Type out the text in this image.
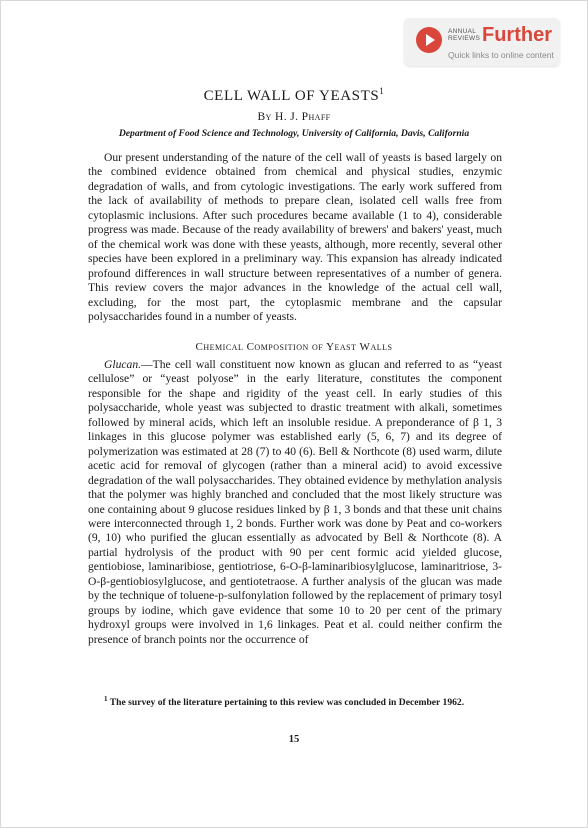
ANNUAL REVIEWS Further
Quick links to online content
CELL WALL OF YEASTS$^1$
By H. J. Phaff
Department of Food Science and Technology, University of California, Davis, California

Our present understanding of the nature of the cell wall of yeasts is based largely on the combined evidence obtained from chemical and physical studies, enzymic degradation of walls, and from cytologic investigations. The early work suffered from the lack of availability of methods to prepare clean, isolated cell walls free from cytoplasmic inclusions. After such procedures became available (1 to 4), considerable progress was made. Because of the ready availability of brewers' and bakers' yeast, much of the chemical work was done with these yeasts, although, more recently, several other species have been explored in a preliminary way. This expansion has already indicated profound differences in wall structure between representatives of a number of genera. This review covers the major advances in the knowledge of the actual cell wall, excluding, for the most part, the cytoplasmic membrane and the capsular polysaccharides found in a number of yeasts.

Chemical Composition of Yeast Walls

Glucan.—The cell wall constituent now known as glucan and referred to as “yeast cellulose” or “yeast polyose” in the early literature, constitutes the component responsible for the shape and rigidity of the yeast cell. In early studies of this polysaccharide, whole yeast was subjected to drastic treatment with alkali, sometimes followed by mineral acids, which left an insoluble residue. A preponderance of β 1, 3 linkages in this glucose polymer was established early (5, 6, 7) and its degree of polymerization was estimated at 28 (7) to 40 (6). Bell & Northcote (8) used warm, dilute acetic acid for removal of glycogen (rather than a mineral acid) to avoid excessive degradation of the wall polysaccharides. They obtained evidence by methylation analysis that the polymer was highly branched and concluded that the most likely structure was one containing about 9 glucose residues linked by β 1, 3 bonds and that these unit chains were interconnected through 1, 2 bonds. Further work was done by Peat and co-workers (9, 10) who purified the glucan essentially as advocated by Bell & Northcote (8). A partial hydrolysis of the product with 90 per cent formic acid yielded glucose, gentiobiose, laminaribiose, gentiotriose, 6-O-β-laminaribiosylglucose, laminaritriose, 3-O-β-gentiobiosylglucose, and gentiotetraose. A further analysis of the glucan was made by the technique of toluene-p-sulfonylation followed by the replacement of primary tosyl groups by iodine, which gave evidence that some 10 to 20 per cent of the primary hydroxyl groups were involved in 1,6 linkages. Peat et al. could neither confirm the presence of branch points nor the occurrence of

$^1$ The survey of the literature pertaining to this review was concluded in December 1962.
15
